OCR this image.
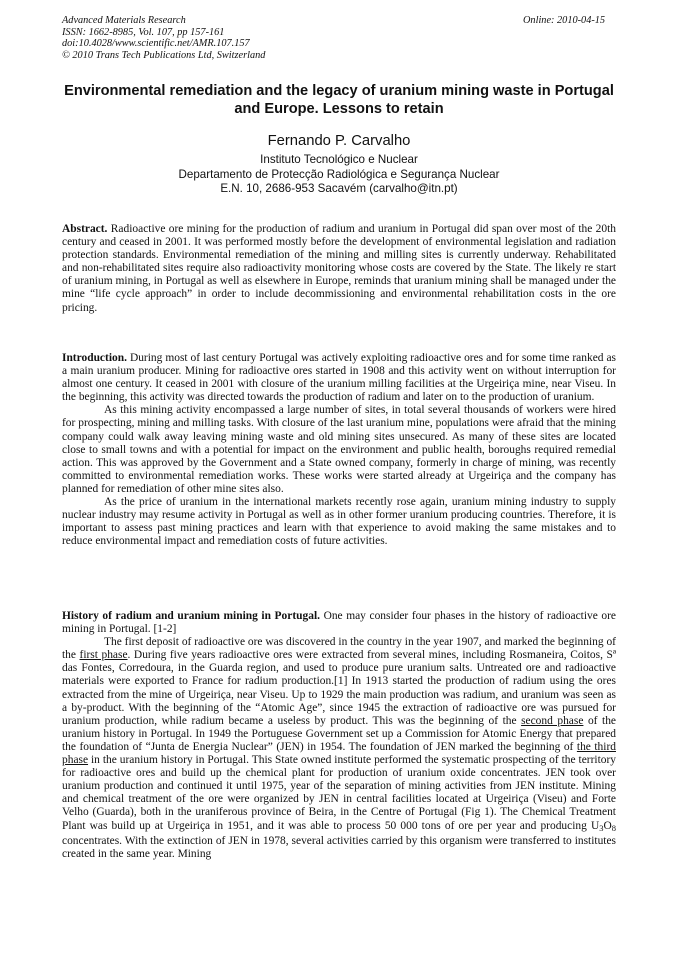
Advanced Materials Research
ISSN: 1662-8985, Vol. 107, pp 157-161
doi:10.4028/www.scientific.net/AMR.107.157
© 2010 Trans Tech Publications Ltd, Switzerland
Online: 2010-04-15
Environmental remediation and the legacy of uranium mining waste in Portugal and Europe. Lessons to retain
Fernando P. Carvalho
Instituto Tecnológico e Nuclear
Departamento de Protecção Radiológica e Segurança Nuclear
E.N. 10, 2686-953 Sacavém (carvalho@itn.pt)

Abstract. Radioactive ore mining for the production of radium and uranium in Portugal did span over most of the 20th century and ceased in 2001. It was performed mostly before the development of environmental legislation and radiation protection standards. Environmental remediation of the mining and milling sites is currently underway. Rehabilitated and non-rehabilitated sites require also radioactivity monitoring whose costs are covered by the State. The likely re start of uranium mining, in Portugal as well as elsewhere in Europe, reminds that uranium mining shall be managed under the mine “life cycle approach” in order to include decommissioning and environmental rehabilitation costs in the ore pricing.

Introduction. During most of last century Portugal was actively exploiting radioactive ores and for some time ranked as a main uranium producer. Mining for radioactive ores started in 1908 and this activity went on without interruption for almost one century. It ceased in 2001 with closure of the uranium milling facilities at the Urgeiriça mine, near Viseu. In the beginning, this activity was directed towards the production of radium and later on to the production of uranium.

As this mining activity encompassed a large number of sites, in total several thousands of workers were hired for prospecting, mining and milling tasks. With closure of the last uranium mine, populations were afraid that the mining company could walk away leaving mining waste and old mining sites unsecured. As many of these sites are located close to small towns and with a potential for impact on the environment and public health, boroughs required remedial action. This was approved by the Government and a State owned company, formerly in charge of mining, was recently committed to environmental remediation works. These works were started already at Urgeiriça and the company has planned for remediation of other mine sites also.

As the price of uranium in the international markets recently rose again, uranium mining industry to supply nuclear industry may resume activity in Portugal as well as in other former uranium producing countries. Therefore, it is important to assess past mining practices and learn with that experience to avoid making the same mistakes and to reduce environmental impact and remediation costs of future activities.

History of radium and uranium mining in Portugal. One may consider four phases in the history of radioactive ore mining in Portugal. [1-2]

The first deposit of radioactive ore was discovered in the country in the year 1907, and marked the beginning of the first phase. During five years radioactive ores were extracted from several mines, including Rosmaneira, Coitos, Sª das Fontes, Corredoura, in the Guarda region, and used to produce pure uranium salts. Untreated ore and radioactive materials were exported to France for radium production.[1] In 1913 started the production of radium using the ores extracted from the mine of Urgeiriça, near Viseu. Up to 1929 the main production was radium, and uranium was seen as a by-product. With the beginning of the “Atomic Age”, since 1945 the extraction of radioactive ore was pursued for uranium production, while radium became a useless by product. This was the beginning of the second phase of the uranium history in Portugal. In 1949 the Portuguese Government set up a Commission for Atomic Energy that prepared the foundation of “Junta de Energia Nuclear” (JEN) in 1954. The foundation of JEN marked the beginning of the third phase in the uranium history in Portugal. This State owned institute performed the systematic prospecting of the territory for radioactive ores and build up the chemical plant for production of uranium oxide concentrates. JEN took over uranium production and continued it until 1975, year of the separation of mining activities from JEN institute. Mining and chemical treatment of the ore were organized by JEN in central facilities located at Urgeiriça (Viseu) and Forte Velho (Guarda), both in the uraniferous province of Beira, in the Centre of Portugal (Fig 1). The Chemical Treatment Plant was build up at Urgeiriça in 1951, and it was able to process 50 000 tons of ore per year and producing $U_3O_8$ concentrates. With the extinction of JEN in 1978, several activities carried by this organism were transferred to institutes created in the same year. Mining
